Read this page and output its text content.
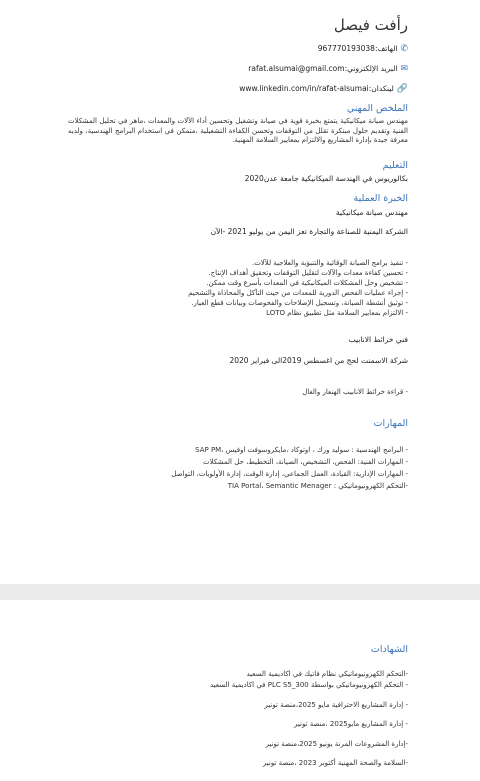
رأفت فيصل
✆الهاتف:967770193038
✉البريد الإلكتروني:rafat.alsumai@gmail.com
🔗لينكدان:www.linkedin.com/in/rafat-alsumai
الملخص المهني
مهندس صيانة ميكانيكية يتمتع بخبرة قوية في صيانة وتشغيل وتحسين أداء الآلات والمعدات ،ماهر في تحليل المشكلات الفنية وتقديم حلول مبتكرة تقلل من التوقفات وتحسن الكفاءة التشغيلية ،متمكن في استخدام البرامج الهندسية، ولديه معرفة جيدة بإدارة المشاريع والالتزام بمعايير السلامة المهنية.
التعليم
بكالوريوس في الهندسة الميكانيكية جامعة عدن2020
الخبرة العملية
مهندس صيانة ميكانيكية
الشركة اليمنية للصناعة والتجارة تعز اليمن من يوليو 2021 -الآن
- تنفيذ برامج الصيانة الوقائية والتنبؤية والعلاجية للآلات.
- تحسين كفاءة معدات والآلات لتقليل التوقفات وتحقيق أهداف الإنتاج.
- تشخيص وحل المشكلات الميكانيكية في المعدات بأسرع وقت ممكن.
- إجراء عمليات الفحص الدورية للمعدات من حيث التآكل والمحاذاة والتشحيم
- توثيق أنشطة الصيانة، وتسجيل الإصلاحات والفحوصات وبيانات قطع الغيار.
- الالتزام بمعايير السلامة مثل تطبيق نظام LOTO
فني خرائط الانابيب
شركة الاسمنت لحج من اغسطس 2019الى فبراير 2020
- قراءة خرائط الانابيب الهنغار والغال
المهارات
- البرامج الهندسية : سوليد ورك ، اوتوكاد ،مايكروسوفت اوفيس ،SAP PM
- المهارات الفنية: الفحص، التشخيص، الصيانة، التخطيط، حل المشكلات
- المهارات الإدارية: القيادة، العمل الجماعي، إدارة الوقت، إدارة الأولويات، التواصل
-التحكم الكهرونيوماتيكي : TIA Portal، Semantic Menager
الشهادات
-التحكم الكهرونيوماتيكي نظام فاتيك في اكاديمية السعيد
- التحكم الكهرونيوماتيكي بواسطة PLC S5_300 في اكاديمية السعيد
- إدارة المشاريع الاحترافية مايو 2025،منصة تونير
- إدارة المشاريع مايو2025 ،منصة تونير
-إدارة المشروعات المرنة يونيو 2025،منصة تونير
-السلامة والصحة المهنية أكتوبر 2023 ،منصة تونير
